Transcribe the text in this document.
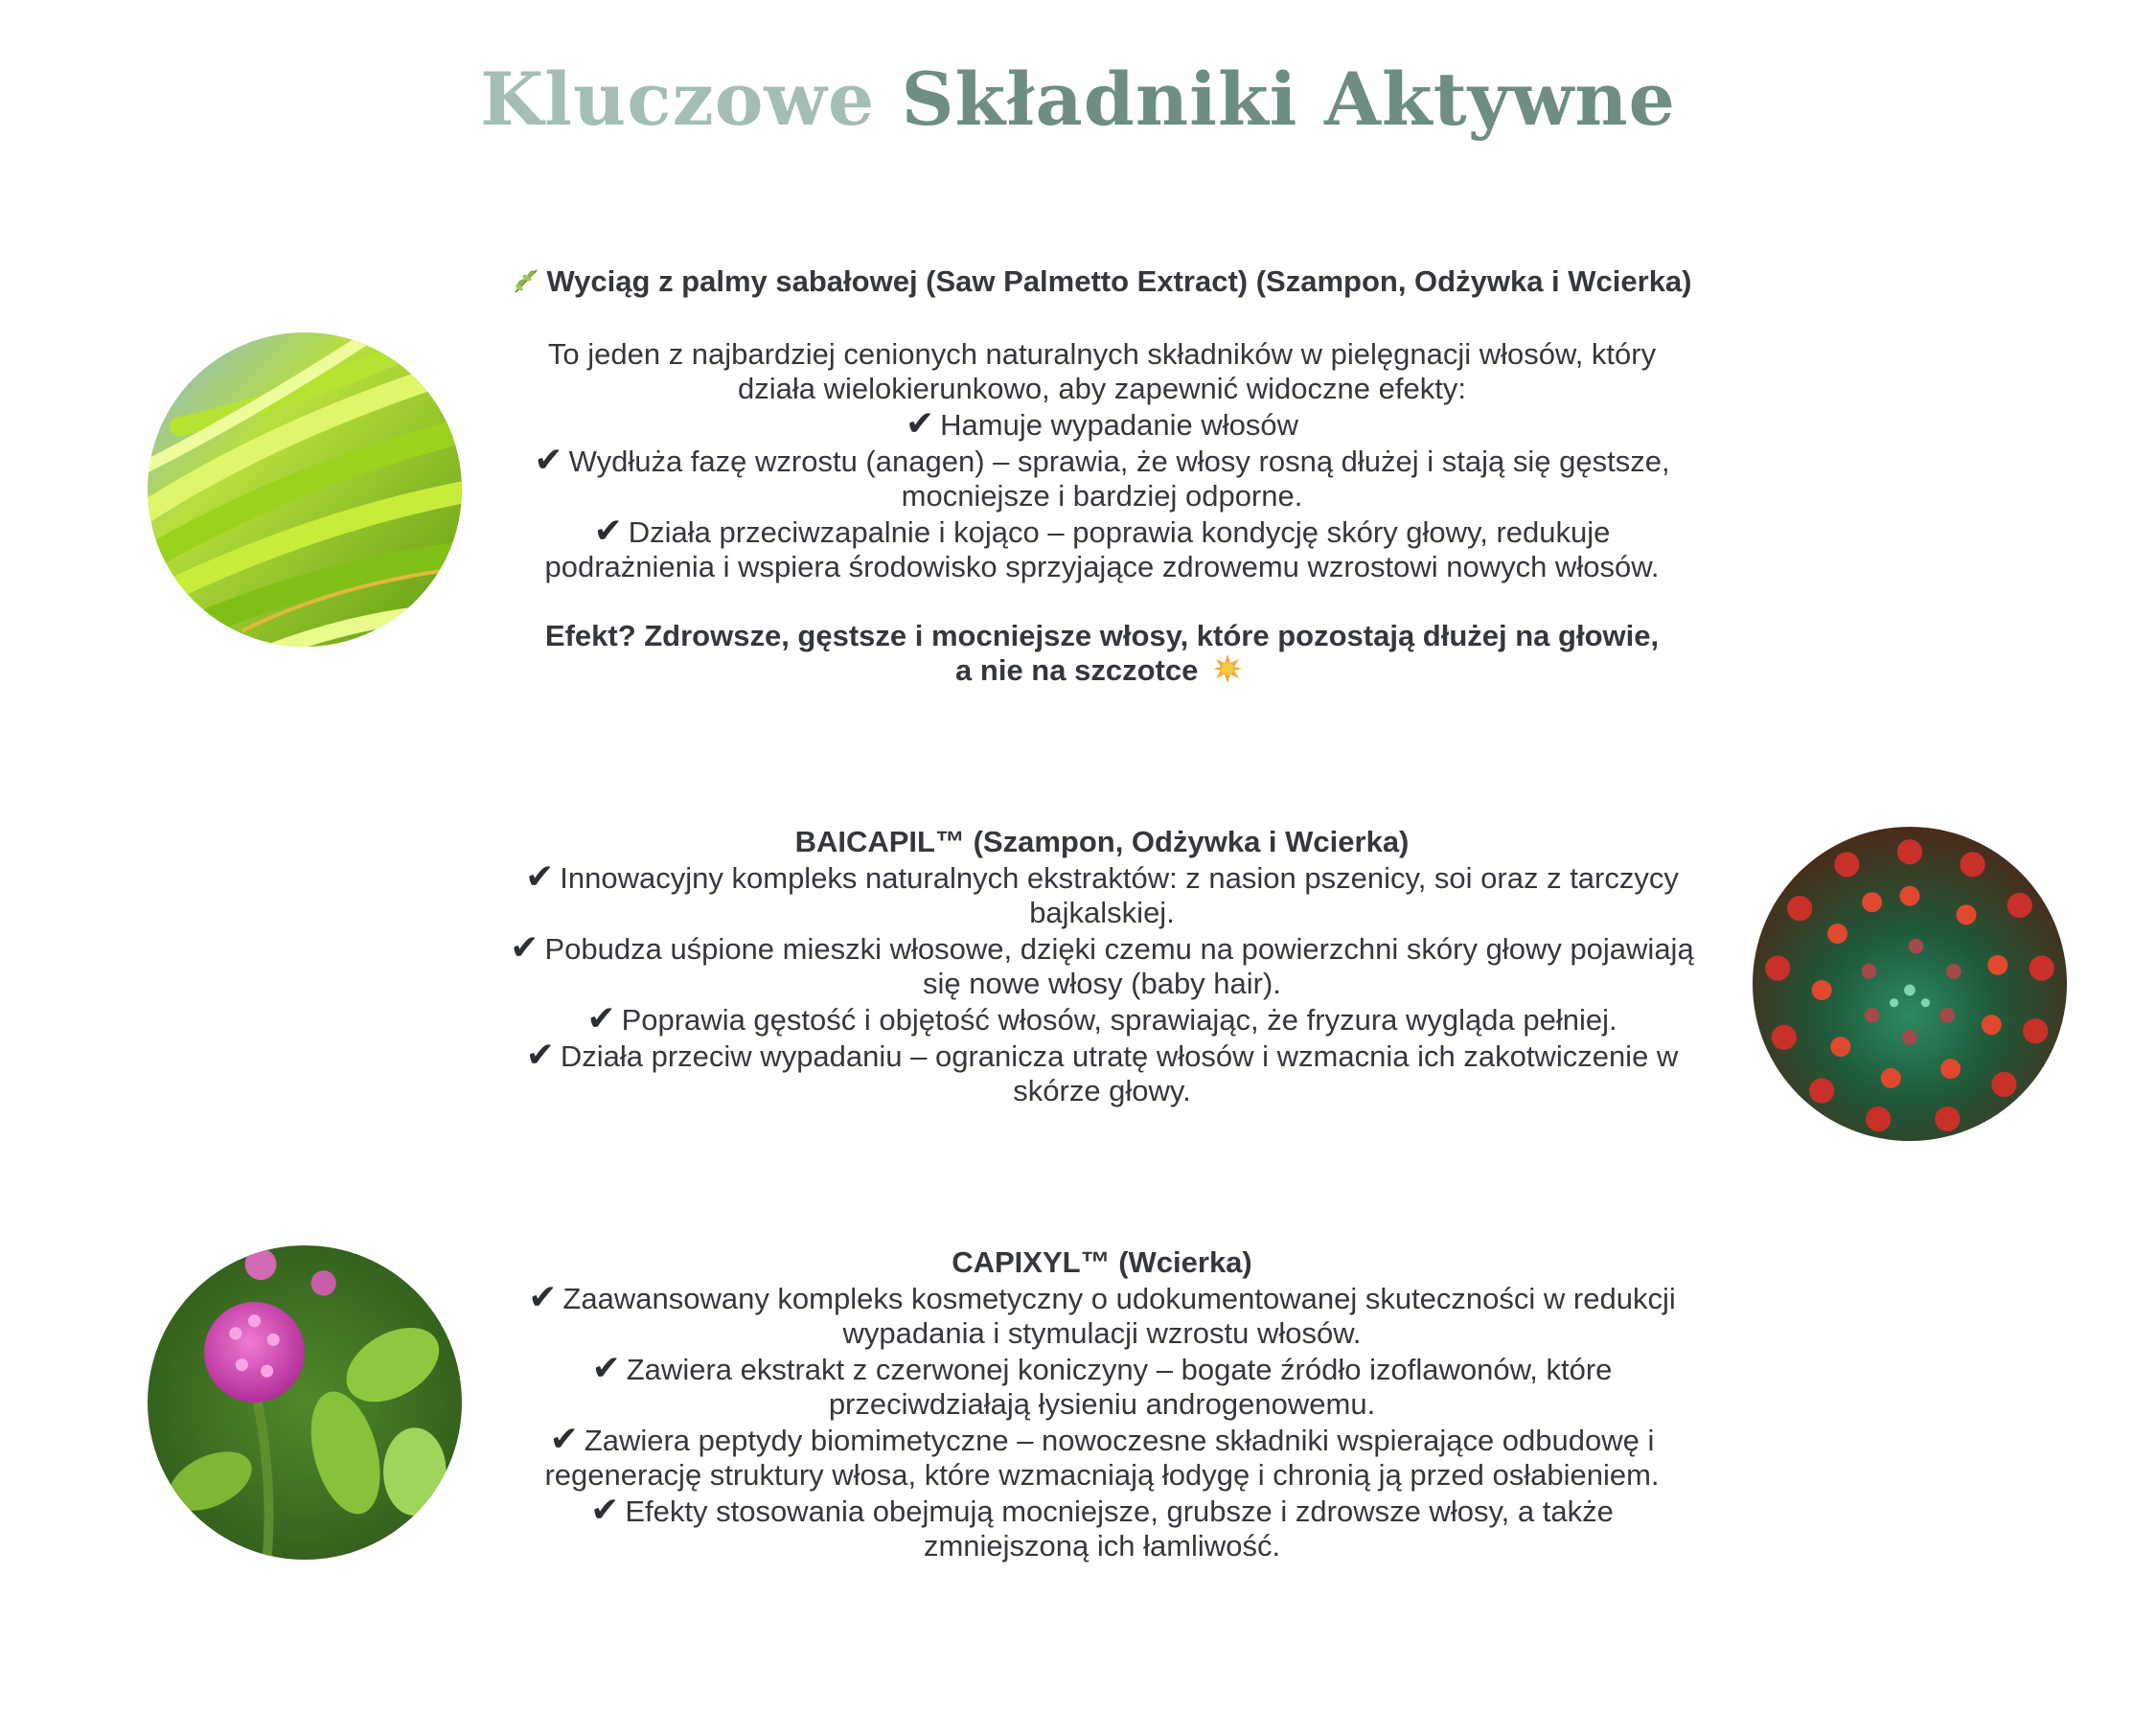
Kluczowe Składniki Aktywne
Wyciąg z palmy sabałowej (Saw Palmetto Extract) (Szampon, Odżywka i Wcierka)
To jeden z najbardziej cenionych naturalnych składników w pielęgnacji włosów, który
działa wielokierunkowo, aby zapewnić widoczne efekty:
✔ Hamuje wypadanie włosów
✔ Wydłuża fazę wzrostu (anagen) – sprawia, że włosy rosną dłużej i stają się gęstsze,
mocniejsze i bardziej odporne.
✔ Działa przeciwzapalnie i kojąco – poprawia kondycję skóry głowy, redukuje
podrażnienia i wspiera środowisko sprzyjające zdrowemu wzrostowi nowych włosów.
Efekt? Zdrowsze, gęstsze i mocniejsze włosy, które pozostają dłużej na głowie,
a nie na szczotce
BAICAPIL™ (Szampon, Odżywka i Wcierka)
✔ Innowacyjny kompleks naturalnych ekstraktów: z nasion pszenicy, soi oraz z tarczycy
bajkalskiej.
✔ Pobudza uśpione mieszki włosowe, dzięki czemu na powierzchni skóry głowy pojawiają
się nowe włosy (baby hair).
✔ Poprawia gęstość i objętość włosów, sprawiając, że fryzura wygląda pełniej.
✔ Działa przeciw wypadaniu – ogranicza utratę włosów i wzmacnia ich zakotwiczenie w
skórze głowy.
CAPIXYL™ (Wcierka)
✔ Zaawansowany kompleks kosmetyczny o udokumentowanej skuteczności w redukcji
wypadania i stymulacji wzrostu włosów.
✔ Zawiera ekstrakt z czerwonej koniczyny – bogate źródło izoflawonów, które
przeciwdziałają łysieniu androgenowemu.
✔ Zawiera peptydy biomimetyczne – nowoczesne składniki wspierające odbudowę i
regenerację struktury włosa, które wzmacniają łodygę i chronią ją przed osłabieniem.
✔ Efekty stosowania obejmują mocniejsze, grubsze i zdrowsze włosy, a także
zmniejszoną ich łamliwość.
